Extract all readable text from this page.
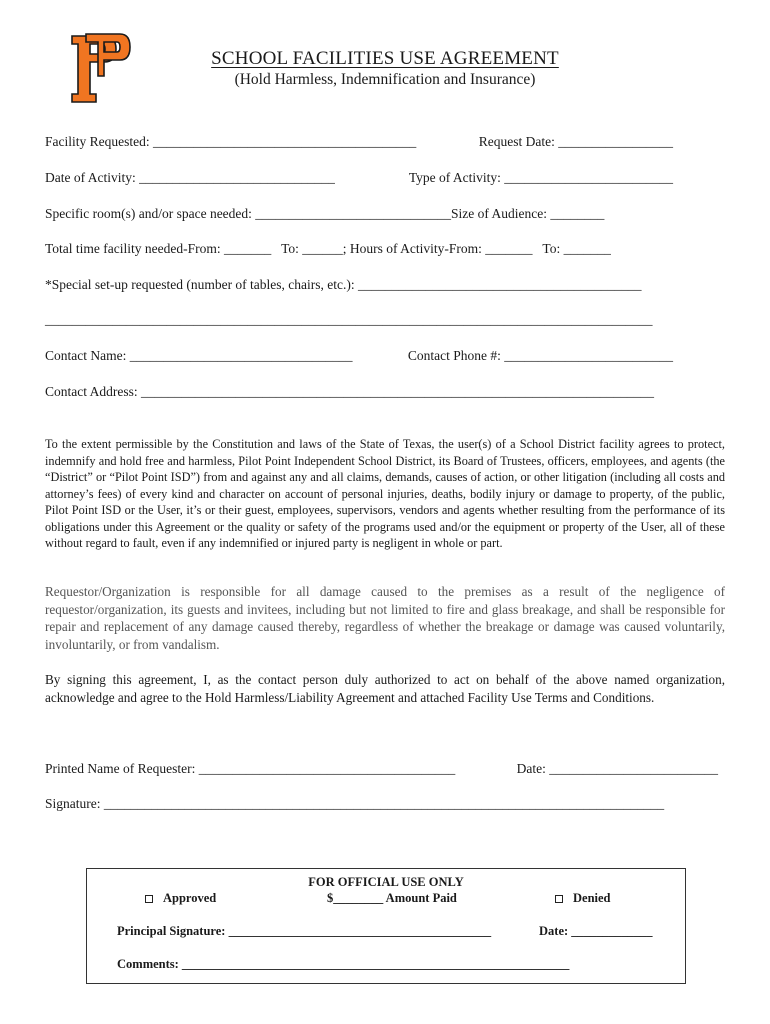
SCHOOL FACILITIES USE AGREEMENT
(Hold Harmless, Indemnification and Insurance)
Facility Requested: _______________________________________	Request Date: _________________
Date of Activity: _____________________________	Type of Activity: _________________________
Specific room(s) and/or space needed: _____________________________Size of Audience: ________
Total time facility needed-From: _______   To: ______; Hours of Activity-From: _______   To: _______
*Special set-up requested (number of tables, chairs, etc.): __________________________________________
__________________________________________________________________________________________
Contact Name: _________________________________	Contact Phone #: _________________________
Contact Address: ____________________________________________________________________________
To the extent permissible by the Constitution and laws of the State of Texas, the user(s) of a School District facility agrees to protect, indemnify and hold free and harmless, Pilot Point Independent School District, its Board of Trustees, officers, employees, and agents (the “District” or “Pilot Point ISD”) from and against any and all claims, demands, causes of action, or other litigation (including all costs and attorney’s fees) of every kind and character on account of personal injuries, deaths, bodily injury or damage to property, of the public, Pilot Point ISD or the User, it’s or their guest, employees, supervisors, vendors and agents whether resulting from the performance of its obligations under this Agreement or the quality or safety of the programs used and/or the equipment or property of the User, all of these without regard to fault, even if any indemnified or injured party is negligent in whole or part.
Requestor/Organization is responsible for all damage caused to the premises as a result of the negligence of requestor/organization, its guests and invitees, including but not limited to fire and glass breakage, and shall be responsible for repair and replacement of any damage caused thereby, regardless of whether the breakage or damage was caused voluntarily, involuntarily, or from vandalism.
By signing this agreement, I, as the contact person duly authorized to act on behalf of the above named organization, acknowledge and agree to the Hold Harmless/Liability Agreement and attached Facility Use Terms and Conditions.
Printed Name of Requester: ______________________________________	Date: _________________________
Signature: ___________________________________________________________________________________
FOR OFFICIAL USE ONLY
Approved	$________ Amount Paid	Denied
Principal Signature: __________________________________________	Date: _____________
Comments: ______________________________________________________________
